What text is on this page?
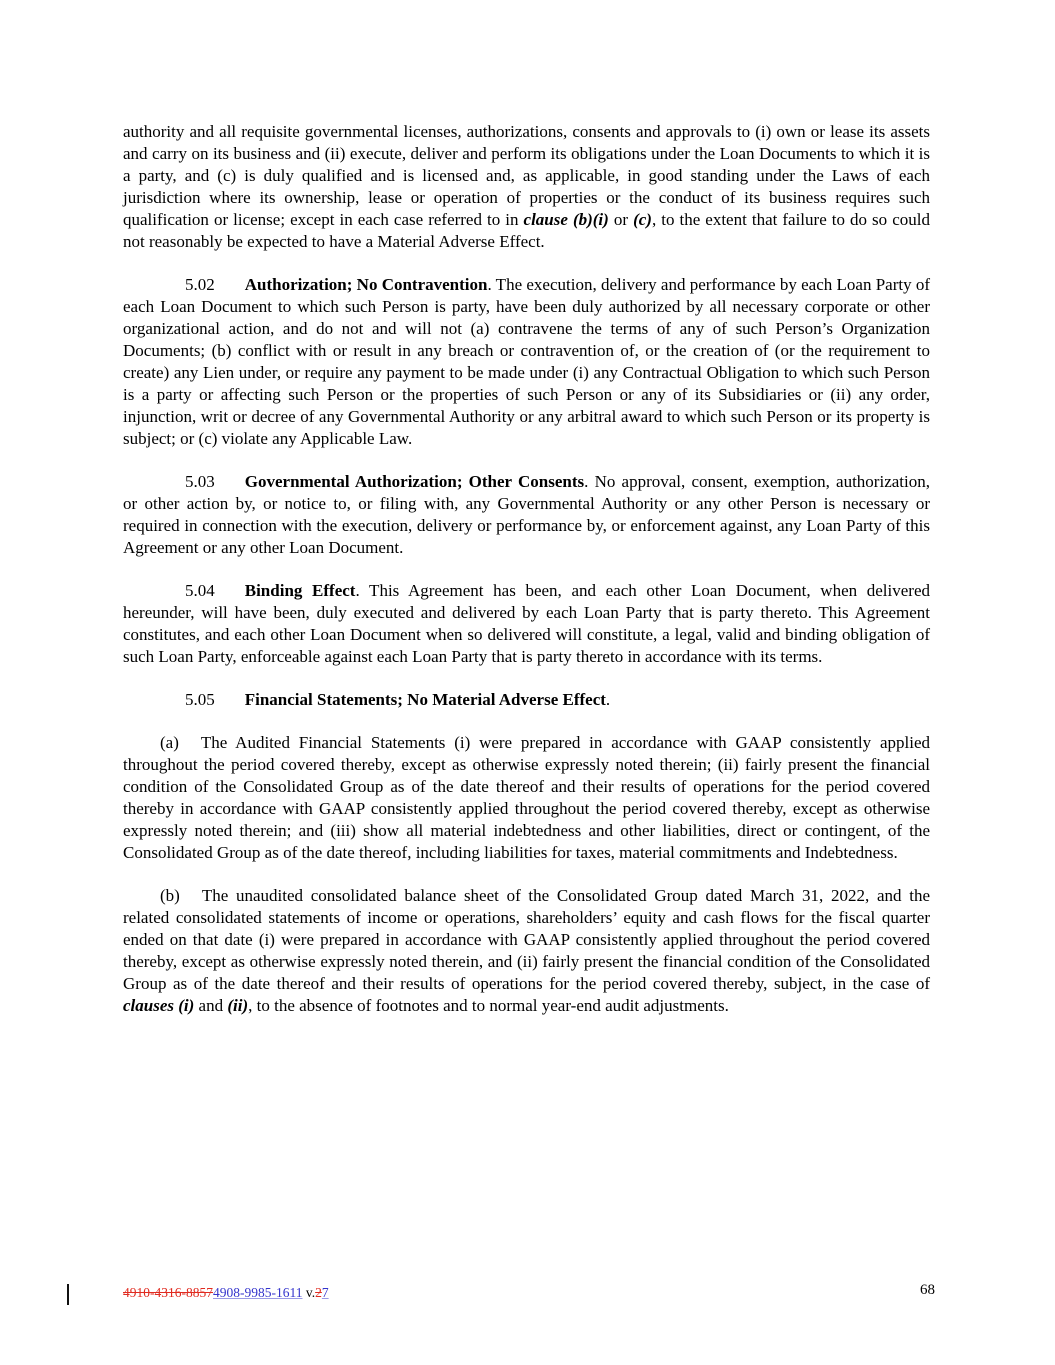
authority and all requisite governmental licenses, authorizations, consents and approvals to (i) own or lease its assets and carry on its business and (ii) execute, deliver and perform its obligations under the Loan Documents to which it is a party, and (c) is duly qualified and is licensed and, as applicable, in good standing under the Laws of each jurisdiction where its ownership, lease or operation of properties or the conduct of its business requires such qualification or license; except in each case referred to in clause (b)(i) or (c), to the extent that failure to do so could not reasonably be expected to have a Material Adverse Effect.

5.02 Authorization; No Contravention. The execution, delivery and performance by each Loan Party of each Loan Document to which such Person is party, have been duly authorized by all necessary corporate or other organizational action, and do not and will not (a) contravene the terms of any of such Person’s Organization Documents; (b) conflict with or result in any breach or contravention of, or the creation of (or the requirement to create) any Lien under, or require any payment to be made under (i) any Contractual Obligation to which such Person is a party or affecting such Person or the properties of such Person or any of its Subsidiaries or (ii) any order, injunction, writ or decree of any Governmental Authority or any arbitral award to which such Person or its property is subject; or (c) violate any Applicable Law.

5.03 Governmental Authorization; Other Consents. No approval, consent, exemption, authorization, or other action by, or notice to, or filing with, any Governmental Authority or any other Person is necessary or required in connection with the execution, delivery or performance by, or enforcement against, any Loan Party of this Agreement or any other Loan Document.

5.04 Binding Effect. This Agreement has been, and each other Loan Document, when delivered hereunder, will have been, duly executed and delivered by each Loan Party that is party thereto. This Agreement constitutes, and each other Loan Document when so delivered will constitute, a legal, valid and binding obligation of such Loan Party, enforceable against each Loan Party that is party thereto in accordance with its terms.

5.05 Financial Statements; No Material Adverse Effect.

(a) The Audited Financial Statements (i) were prepared in accordance with GAAP consistently applied throughout the period covered thereby, except as otherwise expressly noted therein; (ii) fairly present the financial condition of the Consolidated Group as of the date thereof and their results of operations for the period covered thereby in accordance with GAAP consistently applied throughout the period covered thereby, except as otherwise expressly noted therein; and (iii) show all material indebtedness and other liabilities, direct or contingent, of the Consolidated Group as of the date thereof, including liabilities for taxes, material commitments and Indebtedness.

(b) The unaudited consolidated balance sheet of the Consolidated Group dated March 31, 2022, and the related consolidated statements of income or operations, shareholders’ equity and cash flows for the fiscal quarter ended on that date (i) were prepared in accordance with GAAP consistently applied throughout the period covered thereby, except as otherwise expressly noted therein, and (ii) fairly present the financial condition of the Consolidated Group as of the date thereof and their results of operations for the period covered thereby, subject, in the case of clauses (i) and (ii), to the absence of footnotes and to normal year-end audit adjustments.

4910-4316-88574908-9985-1611 v.27	68
